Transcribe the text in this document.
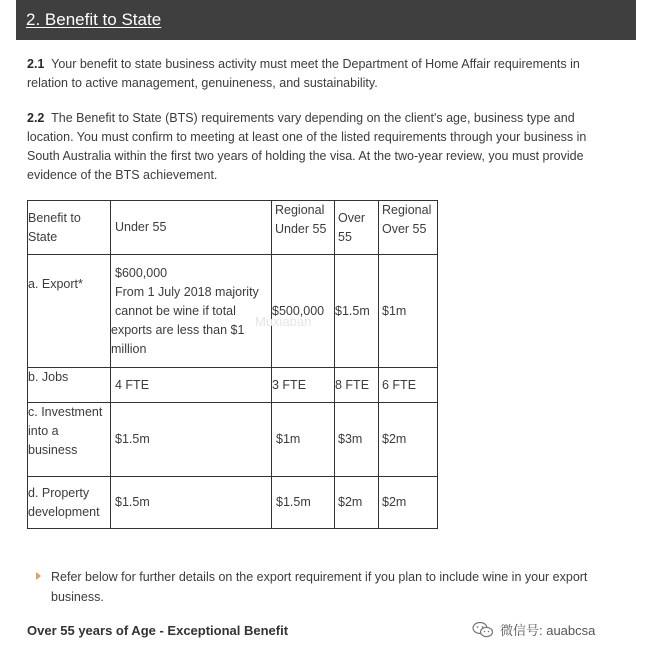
2. Benefit to State

2.1 Your benefit to state business activity must meet the Department of Home Affair requirements in relation to active management, genuineness, and sustainability.

2.2 The Benefit to State (BTS) requirements vary depending on the client's age, business type and location. You must confirm to meeting at least one of the listed requirements through your business in South Australia within the first two years of holding the visa. At the two-year review, you must provide evidence of the BTS achievement.

Benefit to State	Under 55	Regional Under 55	Over 55	Regional Over 55
a. Export*	$600,000
From 1 July 2018 majority
cannot be wine if total
exports are less than $1
million	$500,000	$1.5m	$1m
b. Jobs	4 FTE	3 FTE	8 FTE	6 FTE
c. Investment into a business	$1.5m	$1m	$3m	$2m
d. Property development	$1.5m	$1.5m	$2m	$2m
Muxiaban
Refer below for further details on the export requirement if you plan to include wine in your export business.
Over 55 years of Age - Exceptional Benefit	微信号: auabcsa
